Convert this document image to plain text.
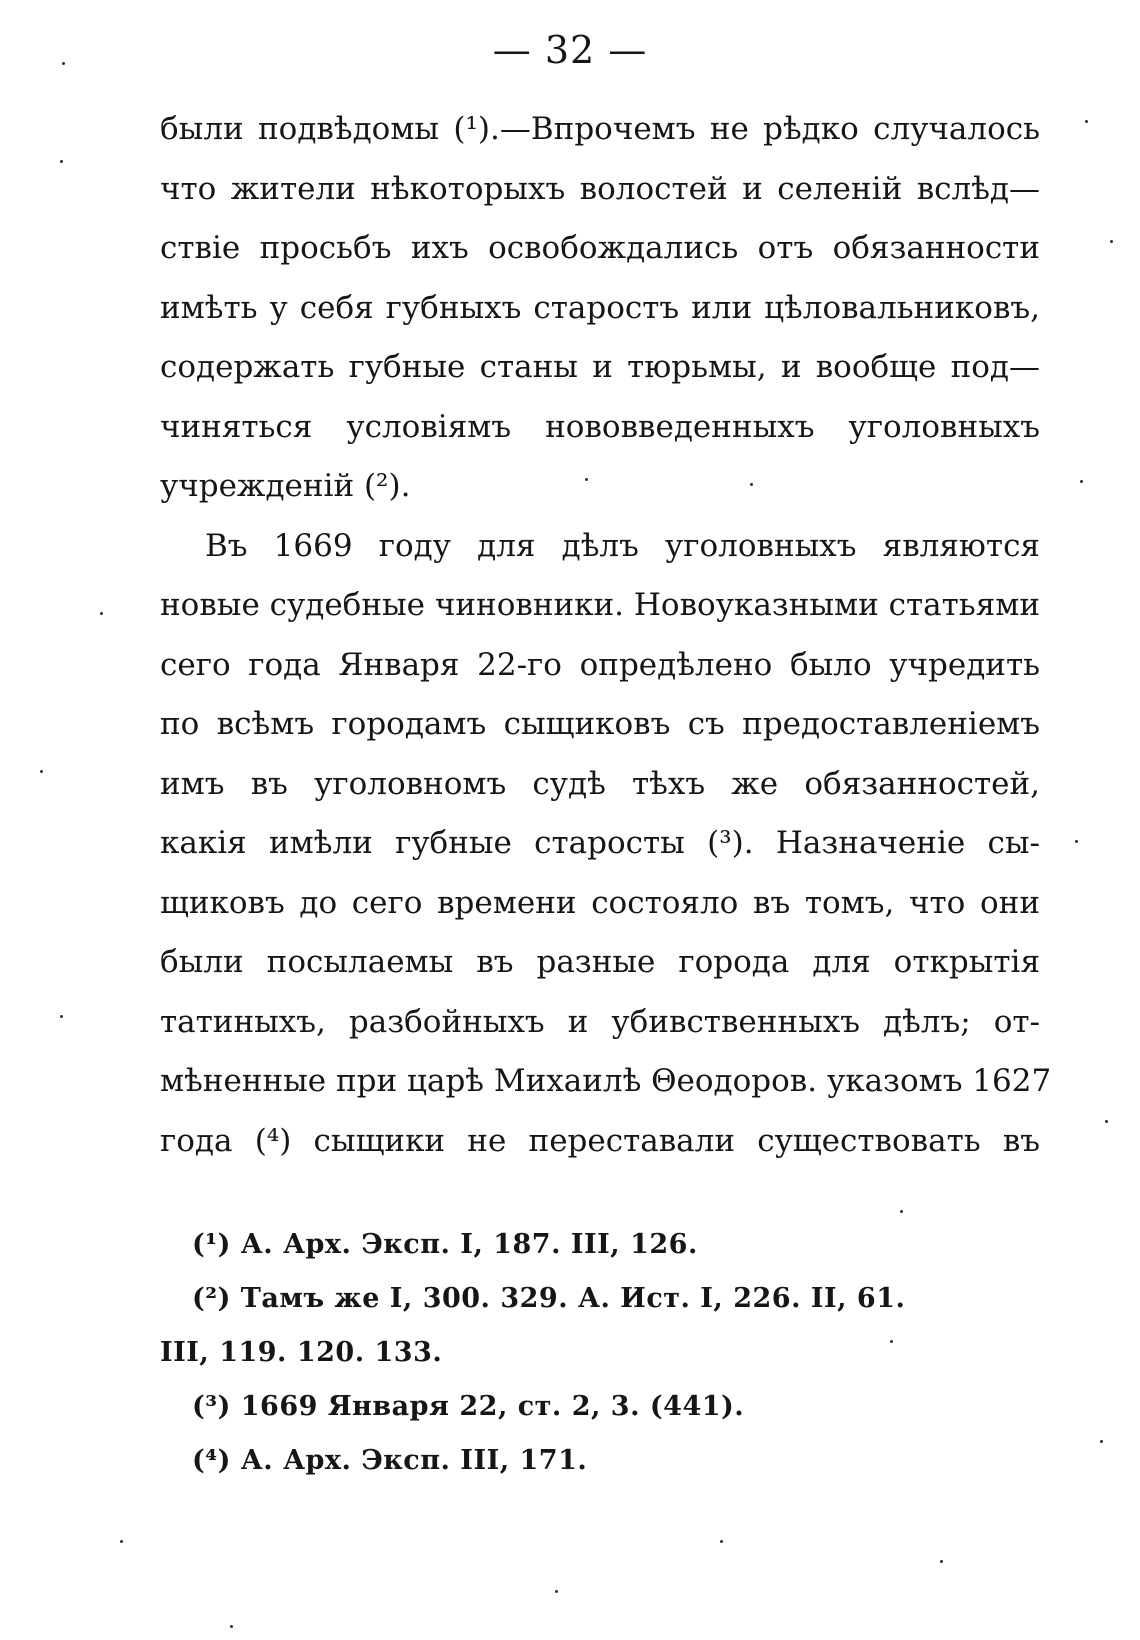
— 32 —
были подвѣдомы (¹).—Впрочемъ не рѣдко случалось
что жители нѣкоторыхъ волостей и селеній вслѣд—
ствіе просьбъ ихъ освобождались отъ обязанности
имѣть у себя губныхъ старостъ или цѣловальниковъ,
содержать губные станы и тюрьмы, и вообще под—
чиняться условіямъ нововведенныхъ уголовныхъ
учрежденій (²).
Въ 1669 году для дѣлъ уголовныхъ являются
новые судебные чиновники. Новоуказными статьями
сего года Января 22-го опредѣлено было учредить
по всѣмъ городамъ сыщиковъ съ предоставленіемъ
имъ въ уголовномъ судѣ тѣхъ же обязанностей,
какія имѣли губные старосты (³). Назначеніе сы-
щиковъ до сего времени состояло въ томъ, что они
были посылаемы въ разные города для открытія
татиныхъ, разбойныхъ и убивственныхъ дѣлъ; от-
мѣненные при царѣ Михаилѣ Θеодоров. указомъ 1627
года (⁴) сыщики не переставали существовать въ
(¹) А. Арх. Эксп. I, 187. III, 126.
(²) Тамъ же I, 300. 329. А. Ист. I, 226. II, 61.
III, 119. 120. 133.
(³) 1669 Января 22, ст. 2, 3. (441).
(⁴) А. Арх. Эксп. III, 171.
